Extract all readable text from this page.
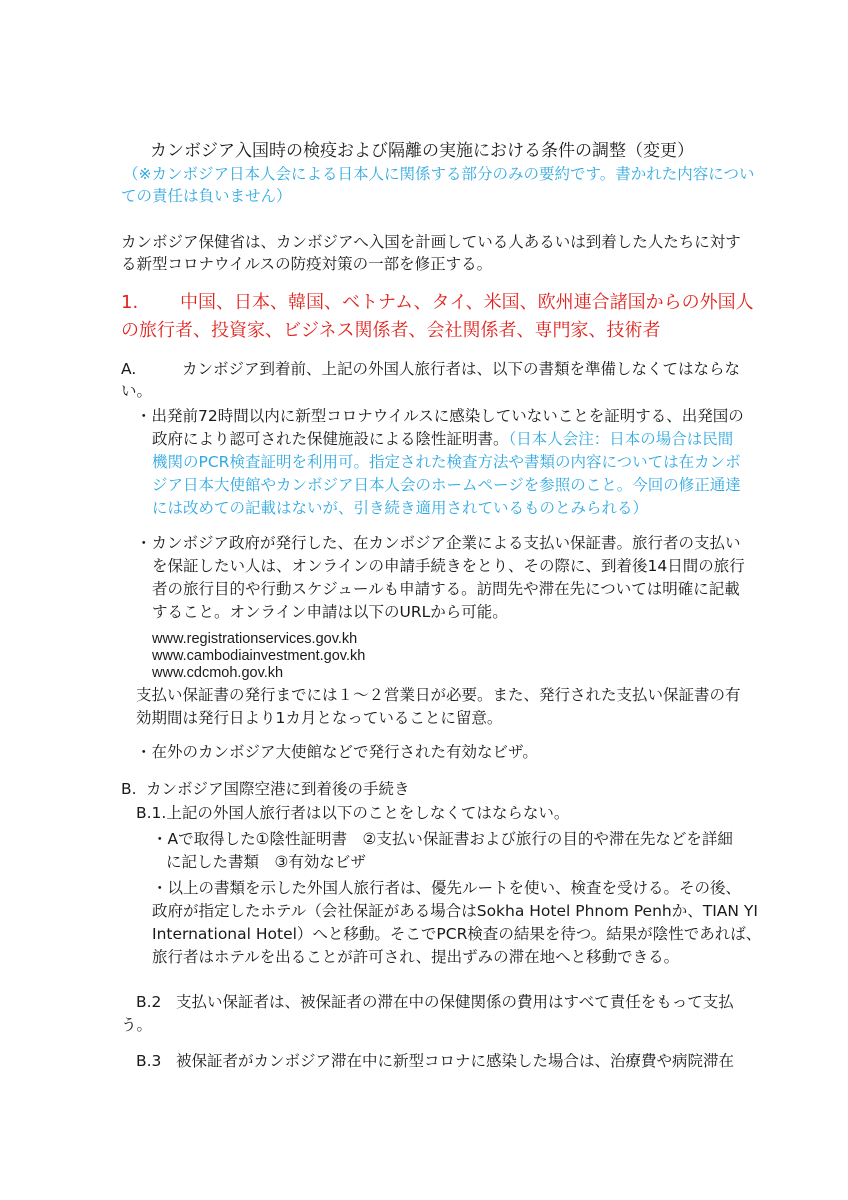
カンボジア入国時の検疫および隔離の実施における条件の調整（変更）
（※カンボジア日本人会による日本人に関係する部分のみの要約です。書かれた内容につい
ての責任は負いません）
カンボジア保健省は、カンボジアへ入国を計画している人あるいは到着した人たちに対す
る新型コロナウイルスの防疫対策の一部を修正する。
1. 中国、日本、韓国、ベトナム、タイ、米国、欧州連合諸国からの外国人
の旅行者、投資家、ビジネス関係者、会社関係者、専門家、技術者
A.	カンボジア到着前、上記の外国人旅行者は、以下の書類を準備しなくてはならな
い。
・出発前72時間以内に新型コロナウイルスに感染していないことを証明する、出発国の
政府により認可された保健施設による陰性証明書。（日本人会注：日本の場合は民間
機関のPCR検査証明を利用可。指定された検査方法や書類の内容については在カンボ
ジア日本大使館やカンボジア日本人会のホームページを参照のこと。今回の修正通達
には改めての記載はないが、引き続き適用されているものとみられる）
・カンボジア政府が発行した、在カンボジア企業による支払い保証書。旅行者の支払い
を保証したい人は、オンラインの申請手続きをとり、その際に、到着後14日間の旅行
者の旅行目的や行動スケジュールも申請する。訪問先や滞在先については明確に記載
すること。オンライン申請は以下のURLから可能。
www.registrationservices.gov.kh
www.cambodiainvestment.gov.kh
www.cdcmoh.gov.kh
支払い保証書の発行までには１〜２営業日が必要。また、発行された支払い保証書の有
効期間は発行日より1カ月となっていることに留意。
・在外のカンボジア大使館などで発行された有効なビザ。
B. カンボジア国際空港に到着後の手続き
B.1.上記の外国人旅行者は以下のことをしなくてはならない。
・Aで取得した①陰性証明書　②支払い保証書および旅行の目的や滞在先などを詳細
に記した書類　③有効なビザ
・以上の書類を示した外国人旅行者は、優先ルートを使い、検査を受ける。その後、
政府が指定したホテル（会社保証がある場合はSokha Hotel Phnom Penhか、TIAN YI
International Hotel）へと移動。そこでPCR検査の結果を待つ。結果が陰性であれば、
旅行者はホテルを出ることが許可され、提出ずみの滞在地へと移動できる。
B.2 支払い保証者は、被保証者の滞在中の保健関係の費用はすべて責任をもって支払
う。
B.3 被保証者がカンボジア滞在中に新型コロナに感染した場合は、治療費や病院滞在
